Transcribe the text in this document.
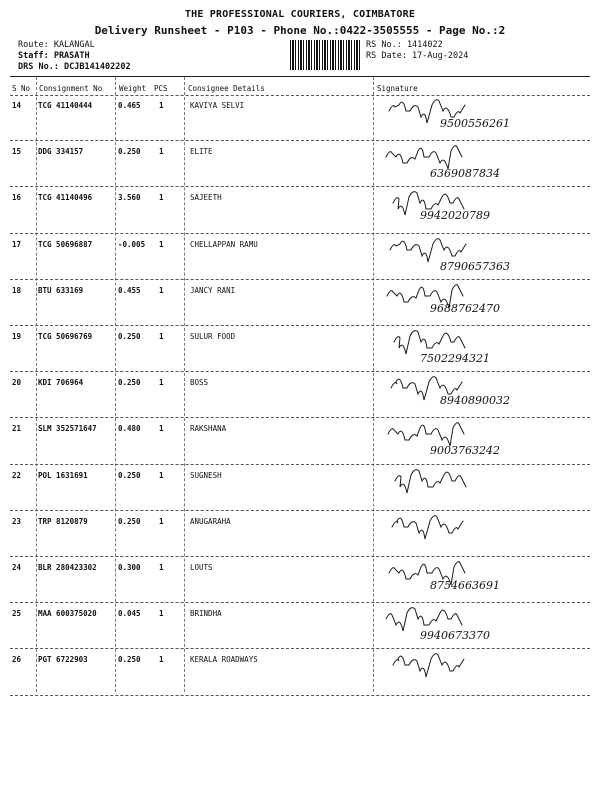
THE PROFESSIONAL COURIERS, COIMBATORE
Delivery Runsheet - P103 - Phone No.:0422-3505555 - Page No.:2
Route: KALANGAL
Staff: PRASATH
DRS No.: DCJB141402202
RS No.: 1414022
RS Date: 17-Aug-2024
S No Consignment No Weight PCS	Consignee Details	Signature
14 TCG 41140444	0.465 1	KAVIYA SELVI
9500556261
15 DDG 334157	0.250 1	ELITE
6369087834
16 TCG 41140496	3.560 1	SAJEETH
9942020789
17 TCG 50696887	-0.005 1	CHELLAPPAN RAMU
8790657363
18 BTU 633169	0.455 1	JANCY RANI
9688762470
19 TCG 50696769	0.250 1	SULUR FOOD
7502294321
20 KDI 706964	0.250 1	BOSS
8940890032
21 SLM 352571647	0.480 1	RAKSHANA
9003763242
22 POL 1631691	0.250 1	SUGNESH
23 TRP 8120879	0.250 1	ANUGARAHA
24 BLR 280423302	0.300 1	LOUTS
8754663691
25 MAA 600375020	0.045 1	BRINDHA
9940673370
26 PGT 6722903	0.250 1	KERALA ROADWAYS
